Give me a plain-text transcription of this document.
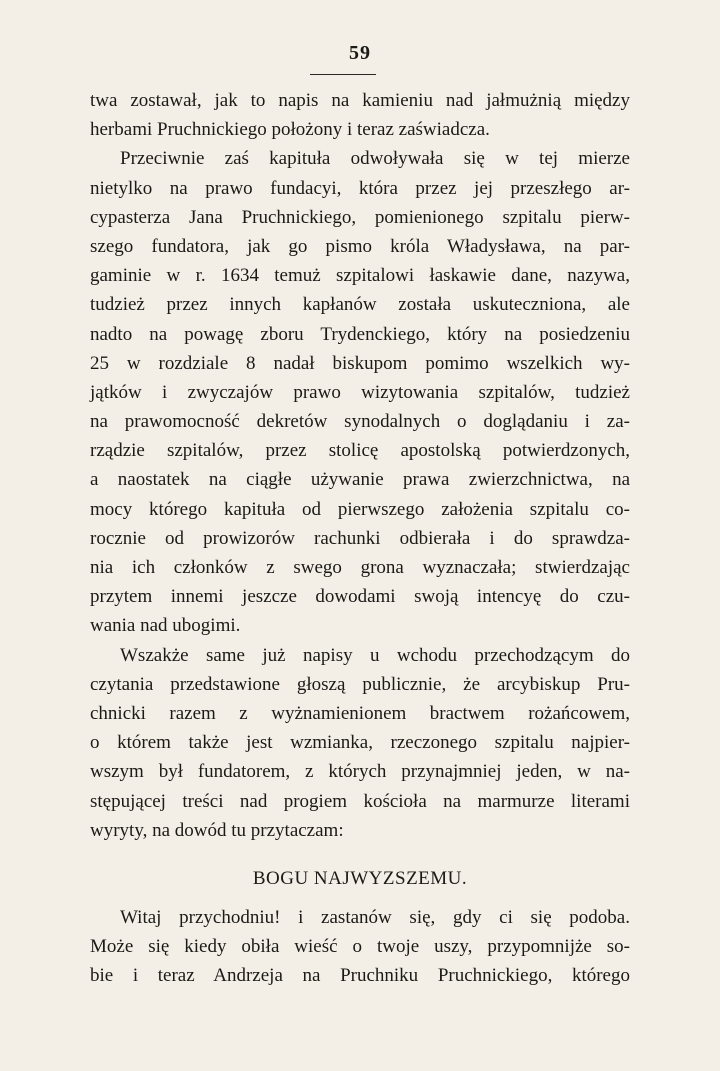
59
twa zostawał, jak to napis na kamieniu nad jałmużnią między
herbami Pruchnickiego położony i teraz zaświadcza.
Przeciwnie zaś kapituła odwoływała się w tej mierze
nietylko na prawo fundacyi, która przez jej przeszłego ar-
cypasterza Jana Pruchnickiego, pomienionego szpitalu pierw-
szego fundatora, jak go pismo króla Władysława, na par-
gaminie w r. 1634 temuż szpitalowi łaskawie dane, nazywa,
tudzież przez innych kapłanów została uskuteczniona, ale
nadto na powagę zboru Trydenckiego, który na posiedzeniu
25 w rozdziale 8 nadał biskupom pomimo wszelkich wy-
jątków i zwyczajów prawo wizytowania szpitalów, tudzież
na prawomocność dekretów synodalnych o doglądaniu i za-
rządzie szpitalów, przez stolicę apostolską potwierdzonych,
a naostatek na ciągłe używanie prawa zwierzchnictwa, na
mocy którego kapituła od pierwszego założenia szpitalu co-
rocznie od prowizorów rachunki odbierała i do sprawdza-
nia ich członków z swego grona wyznaczała; stwierdzając
przytem innemi jeszcze dowodami swoją intencyę do czu-
wania nad ubogimi.
Wszakże same już napisy u wchodu przechodzącym do
czytania przedstawione głoszą publicznie, że arcybiskup Pru-
chnicki razem z wyżnamienionem bractwem rożańcowem,
o którem także jest wzmianka, rzeczonego szpitalu najpier-
wszym był fundatorem, z których przynajmniej jeden, w na-
stępującej treści nad progiem kościoła na marmurze literami
wyryty, na dowód tu przytaczam:
BOGU NAJWYZSZEMU.
Witaj przychodniu! i zastanów się, gdy ci się podoba.
Może się kiedy obiła wieść o twoje uszy, przypomnijże so-
bie i teraz Andrzeja na Pruchniku Pruchnickiego, którego
